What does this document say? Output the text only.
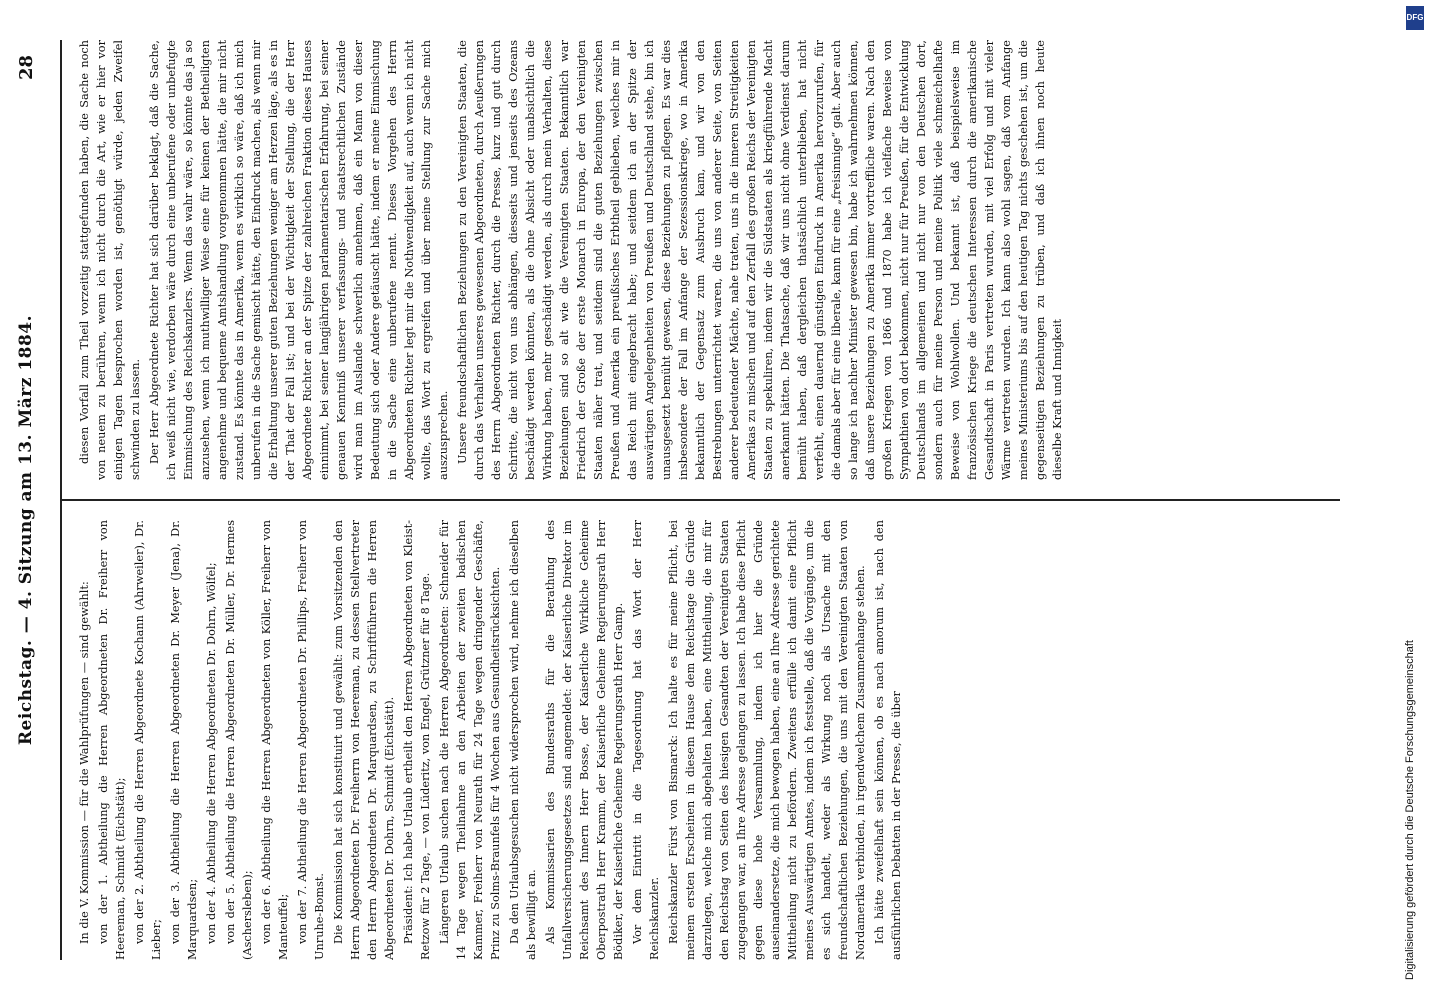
Reichstag. — 4. Sitzung am 13. März 1884.
28

In die V. Kommission — für die Wahlprüfungen — sind gewählt: von der 1. Abtheilung die Herren Abgeordneten Dr. Freiherr von Heereman, Schmidt (Eichstätt); von der 2. Abtheilung die Herren Abgeordnete Kochann (Ahrweiler), Dr. Lieber; von der 3. Abtheilung die Herren Abgeordneten Dr. Meyer (Jena), Dr. Marquardsen; von der 4. Abtheilung die Herren Abgeordneten Dr. Dohrn, Wölfel; von der 5. Abtheilung die Herren Abgeordneten Dr. Müller, Dr. Hermes (Aschersleben); von der 6. Abtheilung die Herren Abgeordneten von Köller, Freiherr von Manteuffel; von der 7. Abtheilung die Herren Abgeordneten Dr. Phillips, Freiherr von Unruhe-Bomst. Die Kommission hat sich konstituirt und gewählt: zum Vorsitzenden den Herrn Abgeordneten Dr. Freiherrn von Heereman, zu dessen Stellvertreter den Herrn Abgeordneten Dr. Marquardsen, zu Schriftführern die Herren Abgeordneten Dr. Dohrn, Schmidt (Eichstätt). Präsident: Ich habe Urlaub ertheilt den Herren Abgeordneten von Kleist-Retzow für 2 Tage, — von Lüderitz, von Engel, Grützner für 8 Tage. Längeren Urlaub suchen nach die Herren Abgeordneten: Schneider für 14 Tage wegen Theilnahme an den Arbeiten der zweiten badischen Kammer, Freiherr von Neurath für 24 Tage wegen dringender Geschäfte, Prinz zu Solms-Braunfels für 4 Wochen aus Gesundheitsrücksichten. Da den Urlaubsgesuchen nicht widersprochen wird, nehme ich dieselben als bewilligt an. Als Kommissarien des Bundesraths für die Berathung des Unfallversicherungsgesetzes sind angemeldet: der Kaiserliche Direktor im Reichsamt des Innern Herr Bosse, der Kaiserliche Wirkliche Geheime Oberpostrath Herr Kramm, der Kaiserliche Geheime Regierungsrath Herr Bödiker, der Kaiserliche Geheime Regierungsrath Herr Gamp. Vor dem Eintritt in die Tagesordnung hat das Wort der Herr Reichskanzler. Reichskanzler Fürst von Bismarck: Ich halte es für meine Pflicht, bei meinem ersten Erscheinen in diesem Hause dem Reichstage die Gründe darzulegen, welche mich abgehalten haben, eine Mittheilung, die mir für den Reichstag von Seiten des hiesigen Gesandten der Vereinigten Staaten zugegangen war, an Ihre Adresse gelangen zu lassen. Ich habe diese Pflicht gegen diese hohe Versammlung, indem ich hier die Gründe auseinandersetze, die mich bewogen haben, eine an Ihre Adresse gerichtete Mittheilung nicht zu befördern. Zweitens erfülle ich damit eine Pflicht meines Auswärtigen Amtes, indem ich feststelle, daß die Vorgänge, um die es sich handelt, weder als Wirkung noch als Ursache mit den freundschaftlichen Beziehungen, die uns mit den Vereinigten Staaten von Nordamerika verbinden, in irgendwelchem Zusammenhange stehen. Ich hätte zweifelhaft sein können, ob es nach amorum ist, nach den ausführlichen Debatten in der Presse, die über

diesen Vorfall zum Theil vorzeitig stattgefunden haben, die Sache noch von neuem zu berühren, wenn ich nicht durch die Art, wie er hier vor einigen Tagen besprochen worden ist, genöthigt würde, jeden Zweifel schwinden zu lassen. Der Herr Abgeordnete Richter hat sich darüber beklagt, daß die Sache, ich weiß nicht wie, verdorben wäre durch eine unberufene oder unbefugte Einmischung des Reichskanzlers. Wenn das wahr wäre, so könnte das ja so anzusehen, wenn ich muthwilliger Weise eine für keinen der Betheiligten angenehme und bequeme Amtshandlung vorgenommen hätte, die mir nicht zustand. Es könnte das in Amerika, wenn es wirklich so wäre, daß ich mich unberufen in die Sache gemischt hätte, den Eindruck machen, als wenn mir die Erhaltung unserer guten Beziehungen weniger am Herzen läge, als es in der That der Fall ist; und bei der Wichtigkeit der Stellung, die der Herr Abgeordnete Richter an der Spitze der zahlreichen Fraktion dieses Hauses einnimmt, bei seiner langjährigen parlamentarischen Erfahrung, bei seiner genauen Kenntniß unserer verfassungs- und staatsrechtlichen Zustände wird man im Auslande schwerlich annehmen, daß ein Mann von dieser Bedeutung sich oder Andere getäuscht hätte, indem er meine Einmischung in die Sache eine unberufene nennt. Dieses Vorgehen des Herrn Abgeordneten Richter legt mir die Nothwendigkeit auf, auch wenn ich nicht wollte, das Wort zu ergreifen und über meine Stellung zur Sache mich auszusprechen. Unsere freundschaftlichen Beziehungen zu den Vereinigten Staaten, die durch das Verhalten unseres gewesenen Abgeordneten, durch Aeußerungen des Herrn Abgeordneten Richter, durch die Presse, kurz und gut durch Schritte, die nicht von uns abhängen, diesseits und jenseits des Ozeans beschädigt werden könnten, als die ohne Absicht oder unabsichtlich die Wirkung haben, mehr geschädigt werden, als durch mein Verhalten, diese Beziehungen sind so alt wie die Vereinigten Staaten. Bekanntlich war Friedrich der Große der erste Monarch in Europa, der den Vereinigten Staaten näher trat, und seitdem sind die guten Beziehungen zwischen Preußen und Amerika ein preußisches Erbtheil geblieben, welches mir in das Reich mit eingebracht habe; und seitdem ich an der Spitze der auswärtigen Angelegenheiten von Preußen und Deutschland stehe, bin ich unausgesetzt bemüht gewesen, diese Beziehungen zu pflegen. Es war dies insbesondere der Fall im Anfange der Sezessionskriege, wo in Amerika bekanntlich der Gegensatz zum Ausbruch kam, und wir von den Bestrebungen unterrichtet waren, die uns von anderer Seite, von Seiten anderer bedeutender Mächte, nahe traten, uns in die inneren Streitigkeiten Amerikas zu mischen und auf den Zerfall des großen Reichs der Vereinigten Staaten zu spekuliren, indem wir die Südstaaten als kriegführende Macht anerkannt hätten. Die Thatsache, daß wir uns nicht ohne Verdienst darum bemüht haben, daß dergleichen thatsächlich unterblieben, hat nicht verfehlt, einen dauernd günstigen Eindruck in Amerika hervorzurufen, für die damals aber für eine liberale, kann für eine „freisinnige“ galt. Aber auch so lange ich nachher Minister gewesen bin, habe ich wahrnehmen können, daß unsere Beziehungen zu Amerika immer vortreffliche waren. Nach den großen Kriegen von 1866 und 1870 habe ich vielfache Beweise von Sympathien von dort bekommen, nicht nur für Preußen, für die Entwicklung Deutschlands im allgemeinen und nicht nur von den Deutschen dort, sondern auch für meine Person und meine Politik viele schmeichelhafte Beweise von Wohlwollen. Und bekannt ist, daß beispielsweise im französischen Kriege die deutschen Interessen durch die amerikanische Gesandtschaft in Paris vertreten wurden, mit viel Erfolg und mit vieler Wärme vertreten wurden. Ich kann also wohl sagen, daß vom Anfange meines Ministeriums bis auf den heutigen Tag nichts geschehen ist, um die gegenseitigen Beziehungen zu trüben, und daß ich ihnen noch heute dieselbe Kraft und Innigkeit

DFG
Digitalisierung gefördert durch die Deutsche Forschungsgemeinschaft
